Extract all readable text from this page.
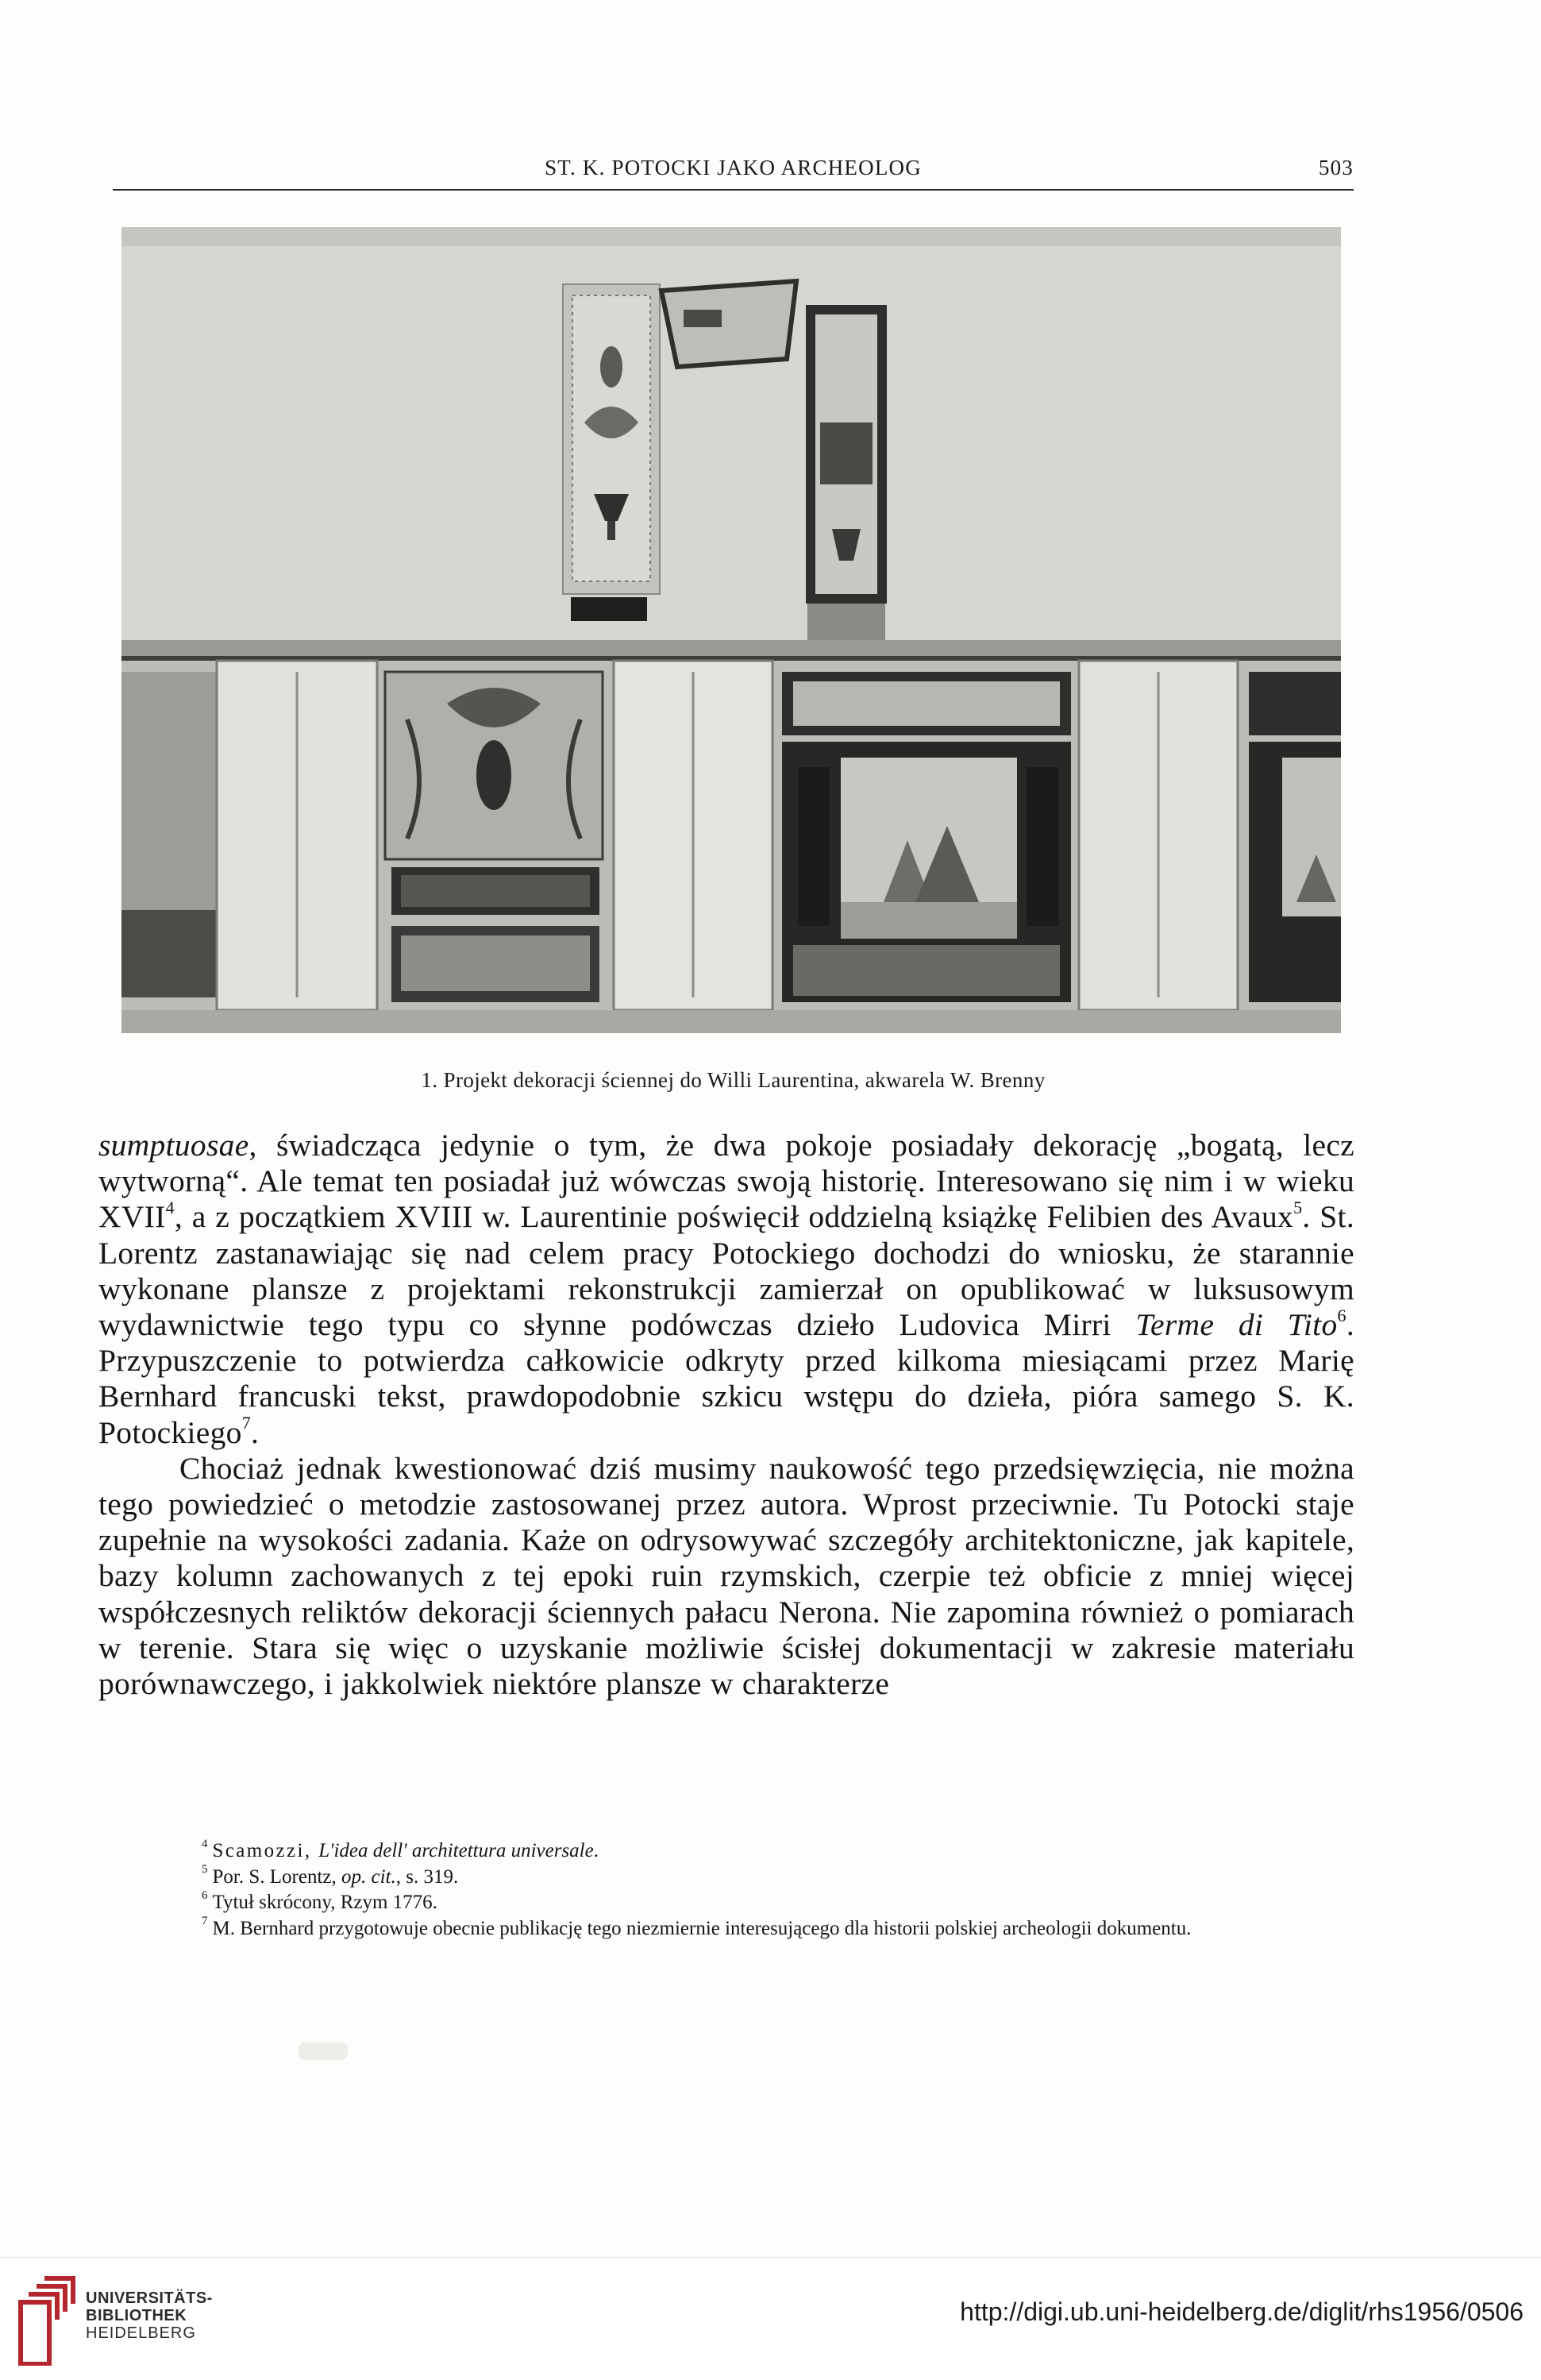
ST. K. POTOCKI JAKO ARCHEOLOG	503
1. Projekt dekoracji ściennej do Willi Laurentina, akwarela W. Brenny

sumptuosae, świadcząca jedynie o tym, że dwa pokoje posiadały dekorację „bogatą, lecz wytworną“. Ale temat ten posiadał już wówczas swoją historię. Interesowano się nim i w wieku XVII$^4$, a z początkiem XVIII w. Laurentinie poświęcił oddzielną książkę Felibien des Avaux$^5$. St. Lorentz zastanawiając się nad celem pracy Potockiego dochodzi do wniosku, że starannie wykonane plansze z projektami rekonstrukcji zamierzał on opublikować w luksusowym wydawnictwie tego typu co słynne podówczas dzieło Ludovica Mirri Terme di Tito$^6$. Przypuszczenie to potwierdza całkowicie odkryty przed kilkoma miesiącami przez Marię Bernhard francuski tekst, prawdopodobnie szkicu wstępu do dzieła, pióra samego S. K. Potockiego$^7$.

Chociaż jednak kwestionować dziś musimy naukowość tego przedsięwzięcia, nie można tego powiedzieć o metodzie zastosowanej przez autora. Wprost przeciwnie. Tu Potocki staje zupełnie na wysokości zadania. Każe on odrysowywać szczegóły architektoniczne, jak kapitele, bazy kolumn zachowanych z tej epoki ruin rzymskich, czerpie też obficie z mniej więcej współczesnych reliktów dekoracji ściennych pałacu Nerona. Nie zapomina również o pomiarach w terenie. Stara się więc o uzyskanie możliwie ścisłej dokumentacji w zakresie materiału porównawczego, i jakkolwiek niektóre plansze w charakterze

$^4$ Scamozzi, L'idea dell' architettura universale.

$^5$ Por. S. Lorentz, op. cit., s. 319.

$^6$ Tytuł skrócony, Rzym 1776.

$^7$ M. Bernhard przygotowuje obecnie publikację tego niezmiernie interesującego dla historii polskiej archeologii dokumentu.

UNIVERSITÄTS-
BIBLIOTHEK
HEIDELBERG
http://digi.ub.uni-heidelberg.de/diglit/rhs1956/0506
